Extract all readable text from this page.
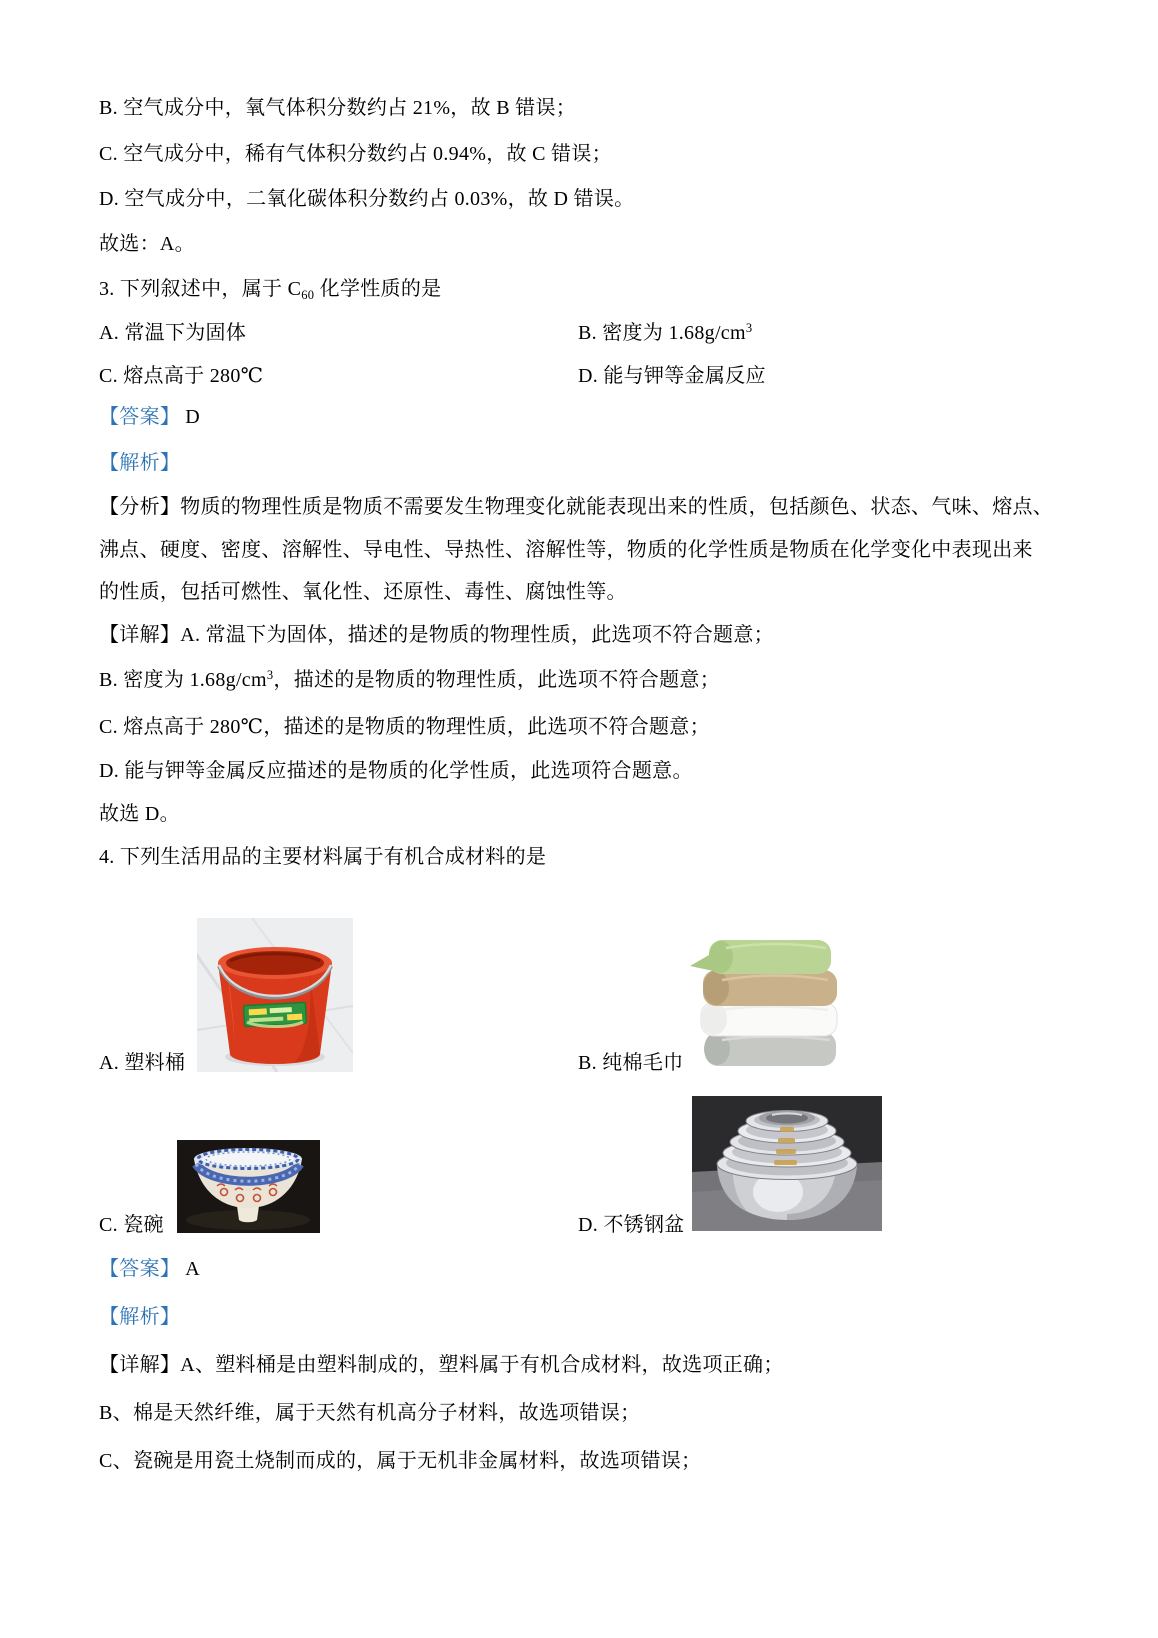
B. 空气成分中，氧气体积分数约占 21%，故 B 错误；
C. 空气成分中，稀有气体积分数约占 0.94%，故 C 错误；
D. 空气成分中，二氧化碳体积分数约占 0.03%，故 D 错误。
故选：A。
3. 下列叙述中，属于 $C_{60}$ 化学性质的是
A. 常温下为固体	B. 密度为 $1.68g/cm^3$
C. 熔点高于 280℃	D. 能与钾等金属反应
【答案】 D
【解析】
【分析】物质的物理性质是物质不需要发生物理变化就能表现出来的性质，包括颜色、状态、气味、熔点、
沸点、硬度、密度、溶解性、导电性、导热性、溶解性等，物质的化学性质是物质在化学变化中表现出来
的性质，包括可燃性、氧化性、还原性、毒性、腐蚀性等。
【详解】A. 常温下为固体，描述的是物质的物理性质，此选项不符合题意；
B. 密度为 $1.68g/cm^3$，描述的是物质的物理性质，此选项不符合题意；
C. 熔点高于 280℃，描述的是物质的物理性质，此选项不符合题意；
D. 能与钾等金属反应描述的是物质的化学性质，此选项符合题意。
故选 D。
4. 下列生活用品的主要材料属于有机合成材料的是
A. 塑料桶	B. 纯棉毛巾
C. 瓷碗	D. 不锈钢盆
【答案】 A
【解析】
【详解】A、塑料桶是由塑料制成的，塑料属于有机合成材料，故选项正确；
B、棉是天然纤维，属于天然有机高分子材料，故选项错误；
C、瓷碗是用瓷土烧制而成的，属于无机非金属材料，故选项错误；
